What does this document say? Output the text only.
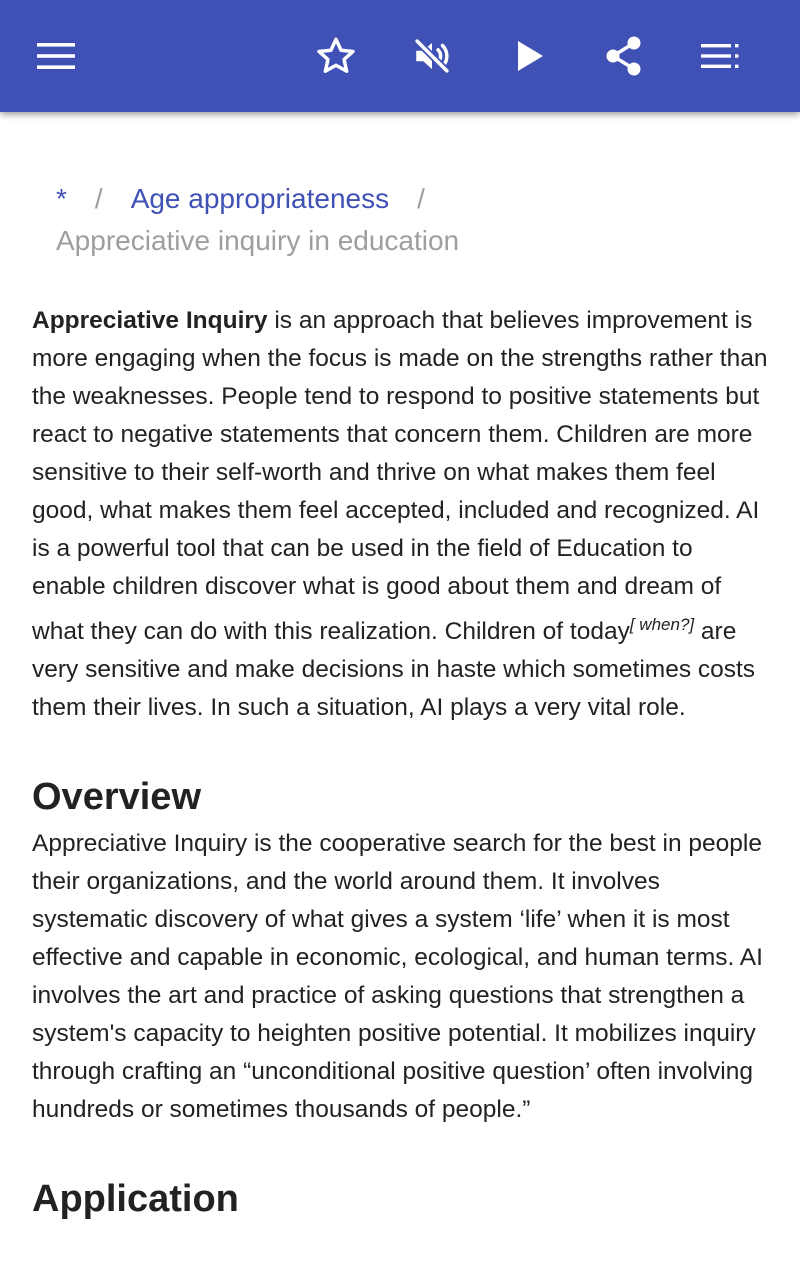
* / Age appropriateness /
Appreciative inquiry in education

Appreciative Inquiry is an approach that believes improvement is more engaging when the focus is made on the strengths rather than the weaknesses. People tend to respond to positive statements but react to negative statements that concern them. Children are more sensitive to their self-worth and thrive on what makes them feel good, what makes them feel accepted, included and recognized. AI is a powerful tool that can be used in the field of Education to enable children discover what is good about them and dream of what they can do with this realization. Children of today[ when?] are very sensitive and make decisions in haste which sometimes costs them their lives. In such a situation, AI plays a very vital role.

Overview

Appreciative Inquiry is the cooperative search for the best in people their organizations, and the world around them. It involves systematic discovery of what gives a system ‘life’ when it is most effective and capable in economic, ecological, and human terms. AI involves the art and practice of asking questions that strengthen a system's capacity to heighten positive potential. It mobilizes inquiry through crafting an “unconditional positive question’ often involving hundreds or sometimes thousands of people.”

Application
